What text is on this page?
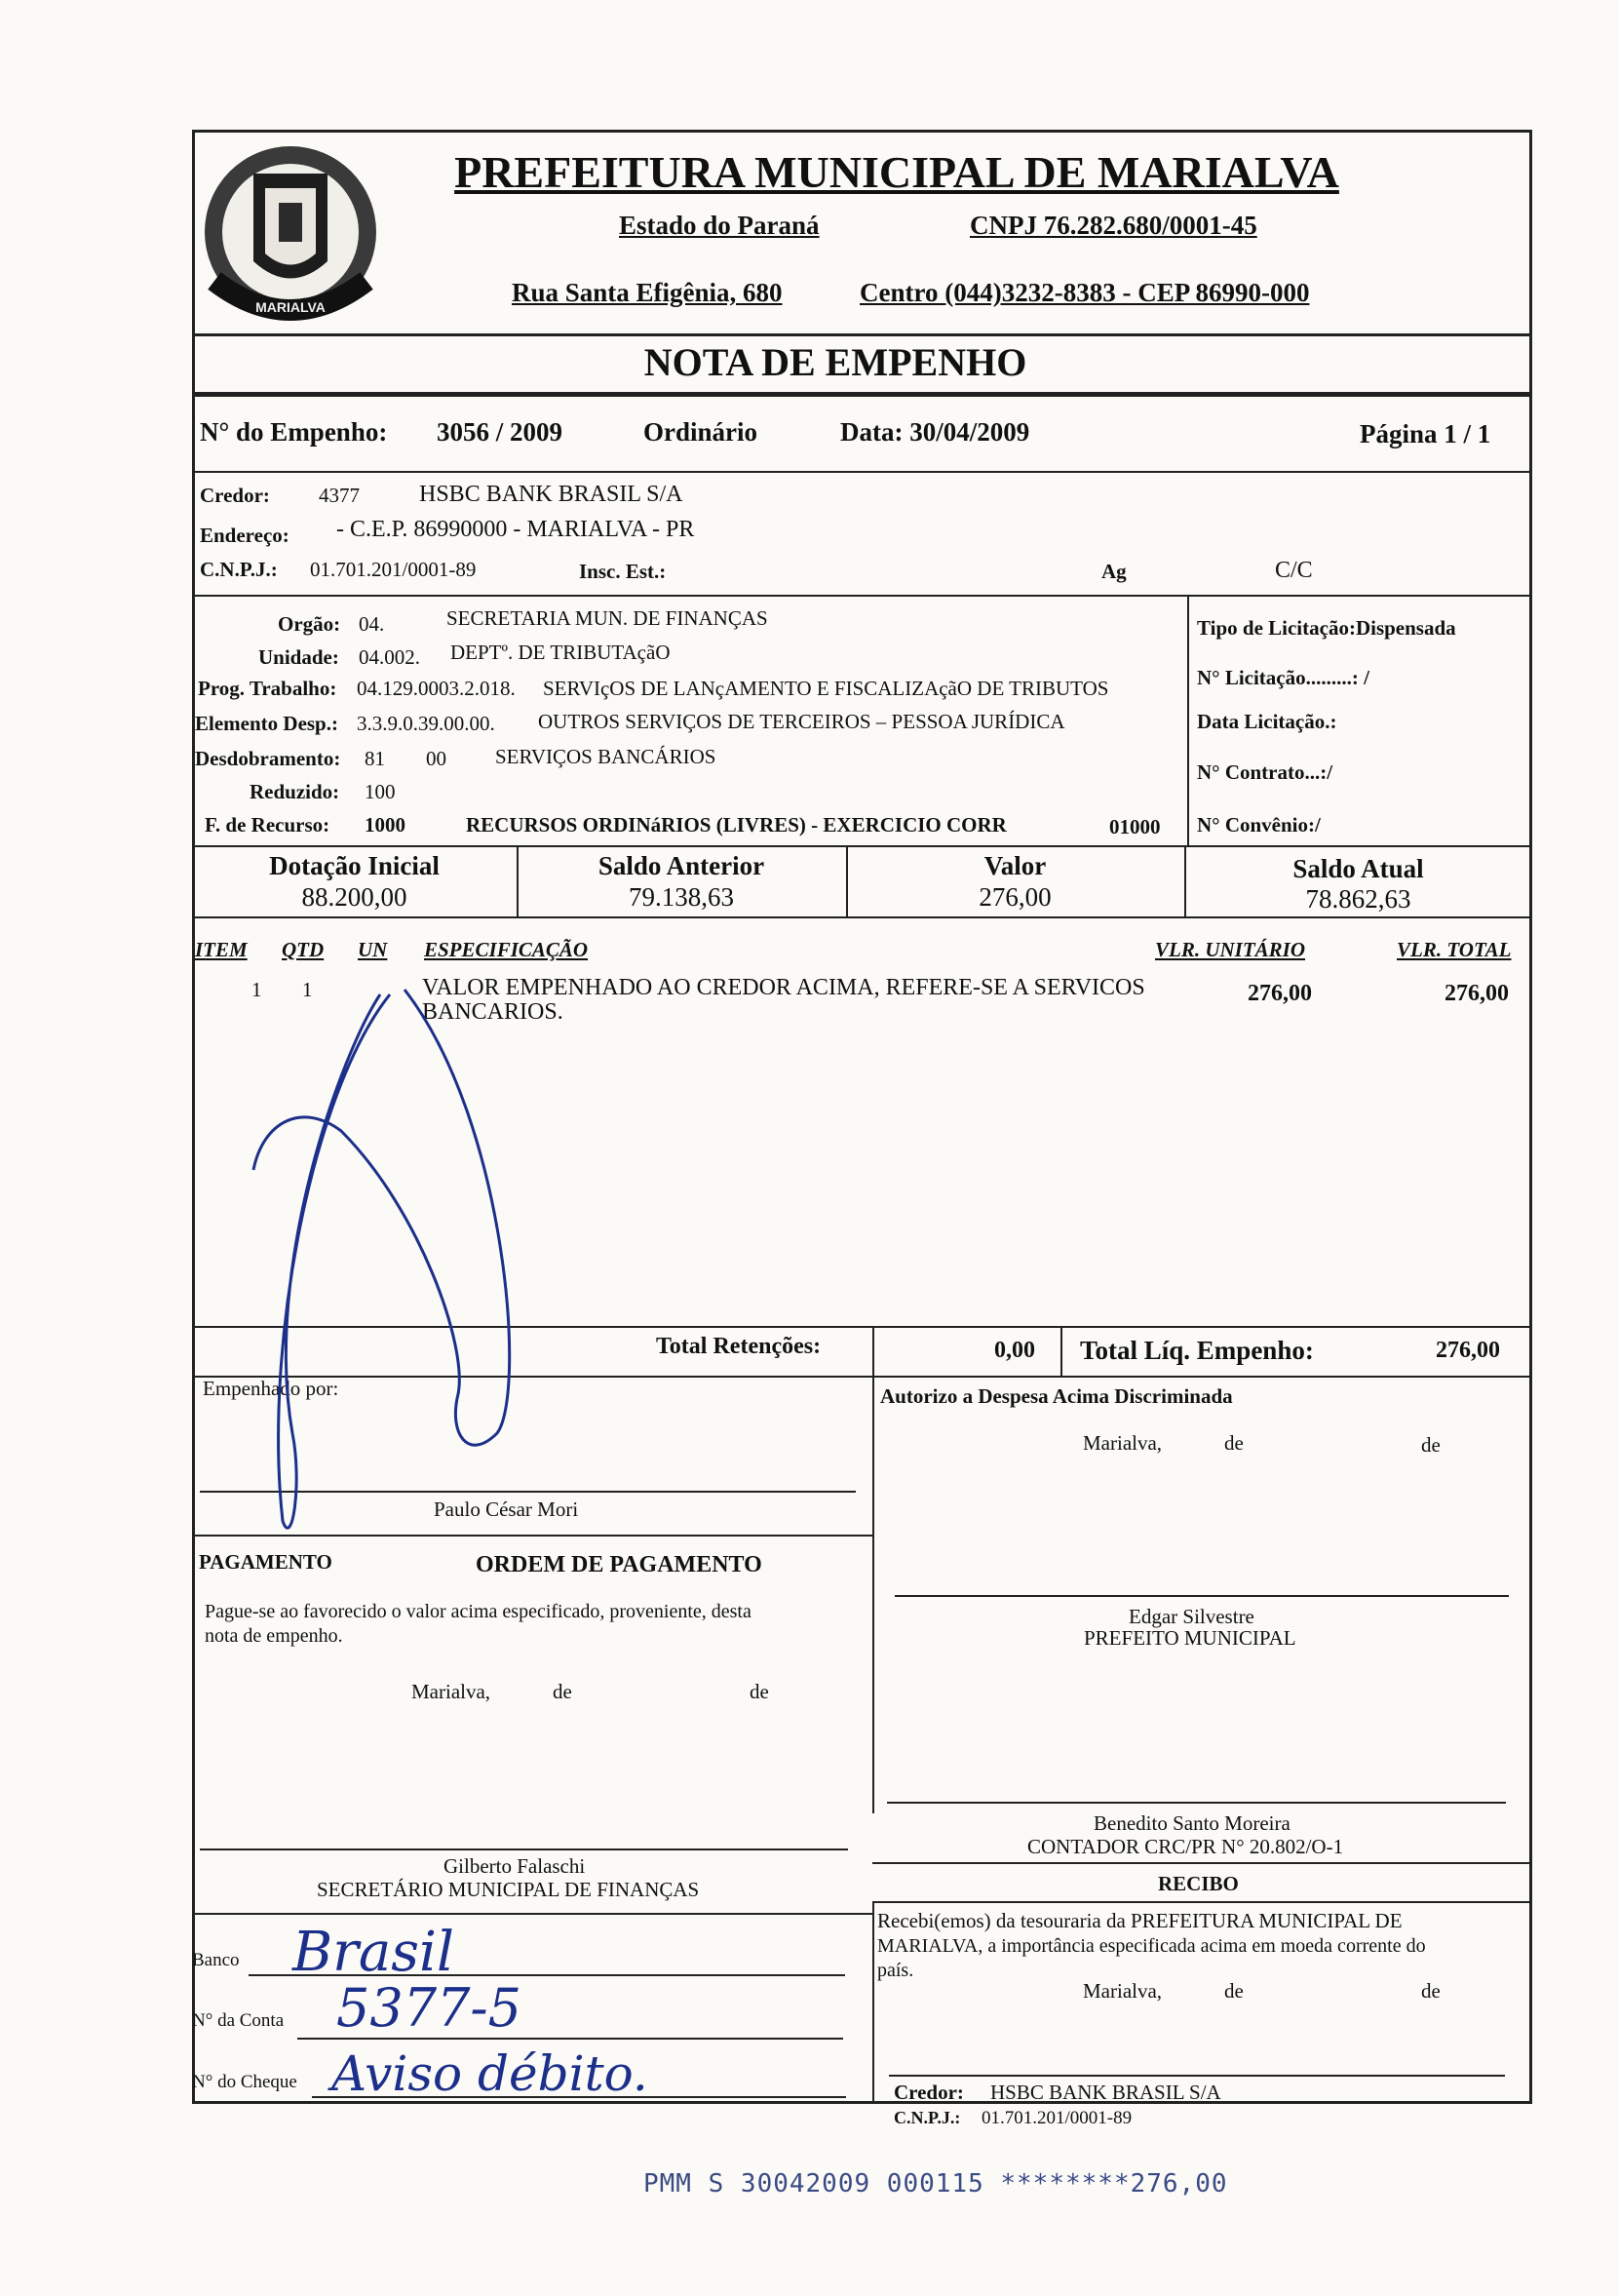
MARIALVA
PREFEITURA MUNICIPAL DE MARIALVA
Estado do Paraná	CNPJ 76.282.680/0001-45
Rua Santa Efigênia, 680	Centro (044)3232-8383 - CEP 86990-000
NOTA DE EMPENHO
N° do Empenho: 3056 / 2009	Ordinário	Data: 30/04/2009	Página 1 / 1
Credor: 4377	HSBC BANK BRASIL S/A
Endereço: - C.E.P. 86990000 - MARIALVA - PR
C.N.P.J.: 01.701.201/0001-89	Insc. Est.:	Ag	C/C
Orgão: 04.	SECRETARIA MUN. DE FINANÇAS
Unidade: 04.002. DEPTº. DE TRIBUTAçãO
Prog. Trabalho: 04.129.0003.2.018. SERVIçOS DE LANçAMENTO E FISCALIZAçãO DE TRIBUTOS
Elemento Desp.: 3.3.9.0.39.00.00. OUTROS SERVIÇOS DE TERCEIROS – PESSOA JURÍDICA
Desdobramento: 81 00 SERVIÇOS BANCÁRIOS
Reduzido: 100
F. de Recurso: 1000	RECURSOS ORDINáRIOS (LIVRES) - EXERCICIO CORR	01000
Tipo de Licitação:Dispensada
N° Licitação.........: /
Data Licitação.:
N° Contrato...:/
N° Convênio:/
Dotação Inicial
88.200,00
Saldo Anterior
79.138,63
Valor
276,00
Saldo Atual
78.862,63
ITEM QTD UN ESPECIFICAÇÃO	VLR. UNITÁRIO	VLR. TOTAL
1 1	VALOR EMPENHADO AO CREDOR ACIMA, REFERE-SE A SERVICOS
BANCARIOS.
276,00	276,00
Total Retenções:	0,00 Total Líq. Empenho:	276,00
Empenhado por:	Autorizo a Despesa Acima Discriminada
Marialva,	de	de
Paulo César Mori
PAGAMENTO	ORDEM DE PAGAMENTO
Pague-se ao favorecido o valor acima especificado, proveniente, desta
nota de empenho.
Marialva,	de	de
Edgar Silvestre
PREFEITO MUNICIPAL
Benedito Santo Moreira
CONTADOR CRC/PR N° 20.802/O-1
Gilberto Falaschi
SECRETÁRIO MUNICIPAL DE FINANÇAS	RECIBO
Recebi(emos) da tesouraria da PREFEITURA MUNICIPAL DE
MARIALVA, a importância especificada acima em moeda corrente do
país.
Marialva,	de	de
Credor: HSBC BANK BRASIL S/A
C.N.P.J.: 01.701.201/0001-89
Banco Brasil
N° da Conta 5377-5
N° do Cheque Aviso débito.
PMM S 30042009 000115 ********276,00
